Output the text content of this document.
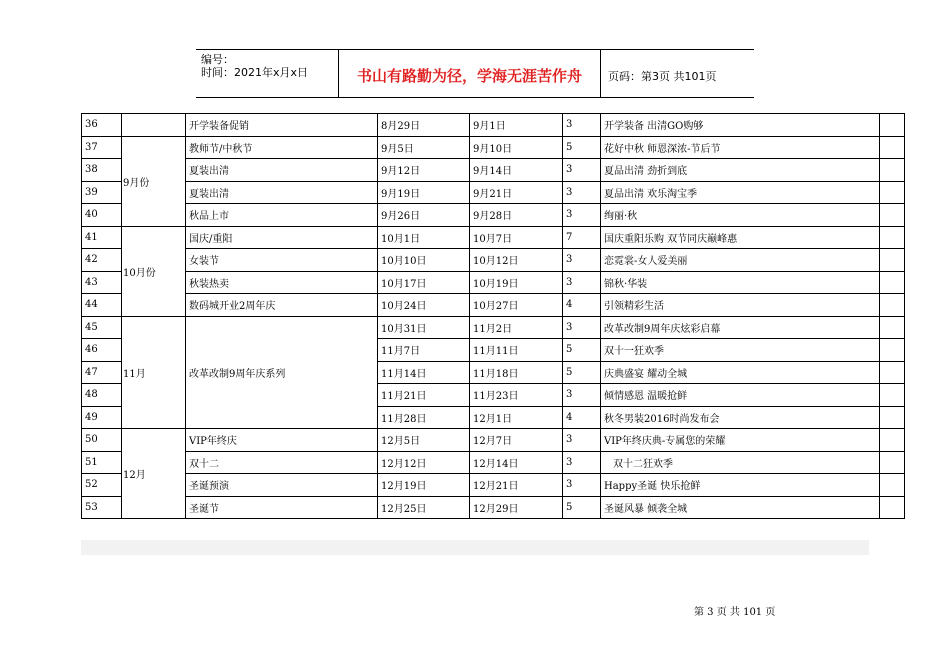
编号：
时间：2021年x月x日	书山有路勤为径，学海无涯苦作舟 页码：第3页 共101页
36		开学装备促销	8月29日	9月1日	3	开学装备 出清GO购够	
37	9月份	教师节/中秋节	9月5日	9月10日	5	花好中秋 师恩深浓-节后节	
38		夏装出清	9月12日	9月14日	3	夏品出清 劲折到底	
39		夏装出清	9月19日	9月21日	3	夏品出清 欢乐淘宝季	
40		秋品上市	9月26日	9月28日	3	绚丽·秋	
41	10月份	国庆/重阳	10月1日	10月7日	7	国庆重阳乐购 双节同庆巅峰惠	
42		女装节	10月10日	10月12日	3	恋霓裳-女人爱美丽	
43		秋装热卖	10月17日	10月19日	3	锦秋·华装	
44		数码城开业2周年庆	10月24日	10月27日	4	引领精彩生活	
45	11月	改革改制9周年庆系列	10月31日	11月2日	3	改革改制9周年庆炫彩启幕	
46			11月7日	11月11日	5	双十一狂欢季	
47			11月14日	11月18日	5	庆典盛宴 耀动全城	
48			11月21日	11月23日	3	倾情感恩 温暖抢鲜	
49			11月28日	12月1日	4	秋冬男装2016时尚发布会	
50	12月	VIP年终庆	12月5日	12月7日	3	VIP年终庆典-专属您的荣耀	
51		双十二	12月12日	12月14日	3	双十二狂欢季	
52		圣诞预演	12月19日	12月21日	3	Happy圣诞 快乐抢鲜	
53		圣诞节	12月25日	12月29日	5	圣诞风暴 倾袭全城	
第 3 页 共 101 页
